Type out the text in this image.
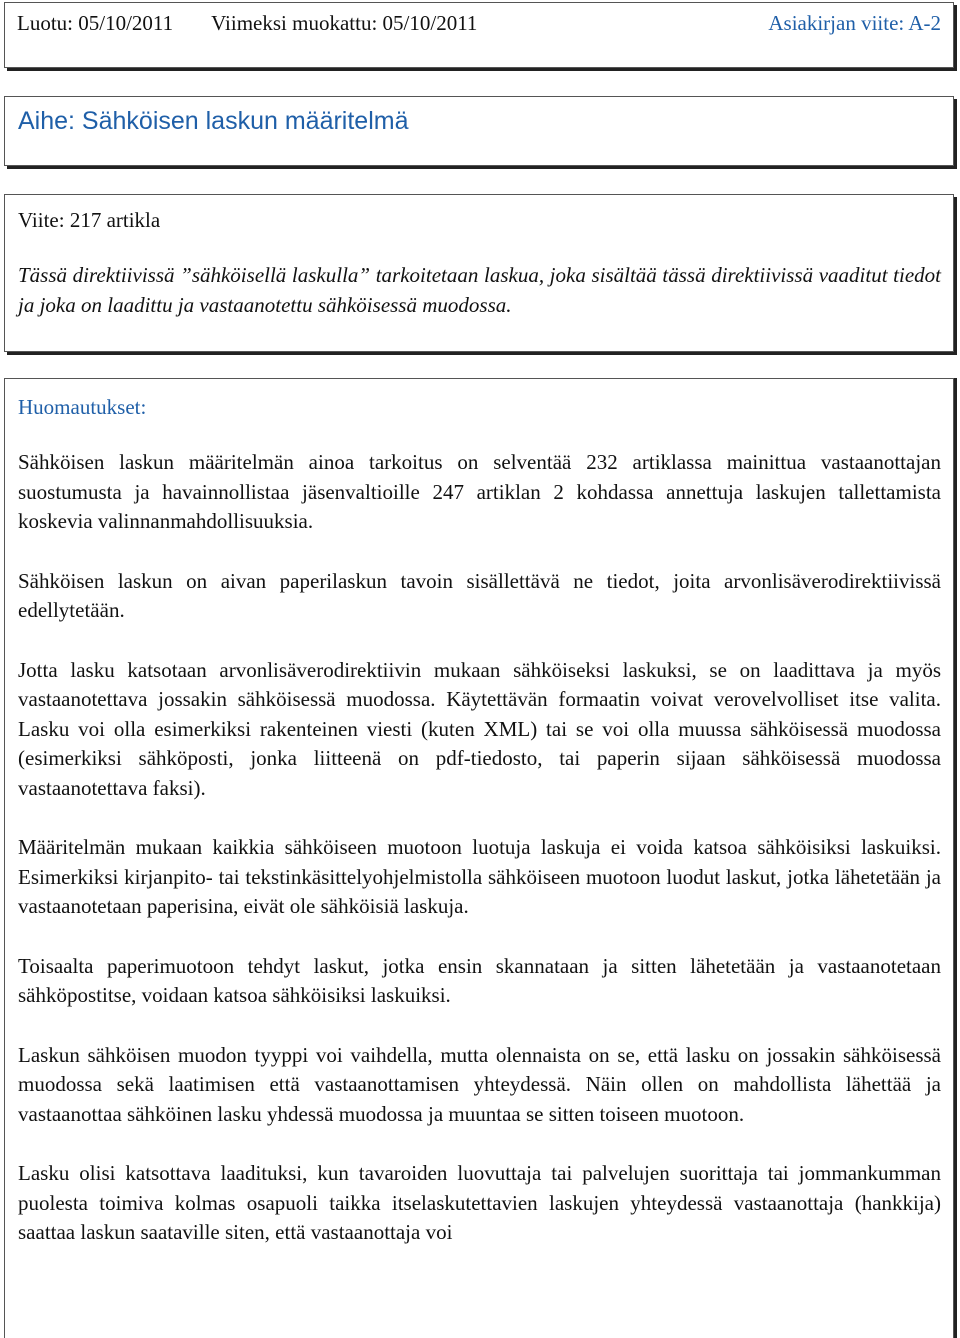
Luotu: 05/10/2011 Viimeksi muokattu: 05/10/2011	Asiakirjan viite: A-2
Aihe: Sähköisen laskun määritelmä
Viite: 217 artikla
Tässä direktiivissä ”sähköisellä laskulla” tarkoitetaan laskua, joka sisältää tässä direktiivissä vaaditut tiedot ja joka on laadittu ja vastaanotettu sähköisessä muodossa.
Huomautukset:

Sähköisen laskun määritelmän ainoa tarkoitus on selventää 232 artiklassa mainittua vastaanottajan suostumusta ja havainnollistaa jäsenvaltioille 247 artiklan 2 kohdassa annettuja laskujen tallettamista koskevia valinnanmahdollisuuksia.

Sähköisen laskun on aivan paperilaskun tavoin sisällettävä ne tiedot, joita arvonlisäverodirektiivissä edellytetään.

Jotta lasku katsotaan arvonlisäverodirektiivin mukaan sähköiseksi laskuksi, se on laadittava ja myös vastaanotettava jossakin sähköisessä muodossa. Käytettävän formaatin voivat verovelvolliset itse valita. Lasku voi olla esimerkiksi rakenteinen viesti (kuten XML) tai se voi olla muussa sähköisessä muodossa (esimerkiksi sähköposti, jonka liitteenä on pdf-tiedosto, tai paperin sijaan sähköisessä muodossa vastaanotettava faksi).

Määritelmän mukaan kaikkia sähköiseen muotoon luotuja laskuja ei voida katsoa sähköisiksi laskuiksi. Esimerkiksi kirjanpito- tai tekstinkäsittelyohjelmistolla sähköiseen muotoon luodut laskut, jotka lähetetään ja vastaanotetaan paperisina, eivät ole sähköisiä laskuja.

Toisaalta paperimuotoon tehdyt laskut, jotka ensin skannataan ja sitten lähetetään ja vastaanotetaan sähköpostitse, voidaan katsoa sähköisiksi laskuiksi.

Laskun sähköisen muodon tyyppi voi vaihdella, mutta olennaista on se, että lasku on jossakin sähköisessä muodossa sekä laatimisen että vastaanottamisen yhteydessä. Näin ollen on mahdollista lähettää ja vastaanottaa sähköinen lasku yhdessä muodossa ja muuntaa se sitten toiseen muotoon.

Lasku olisi katsottava laadituksi, kun tavaroiden luovuttaja tai palvelujen suorittaja tai jommankumman puolesta toimiva kolmas osapuoli taikka itselaskutettavien laskujen yhteydessä vastaanottaja (hankkija) saattaa laskun saataville siten, että vastaanottaja voi
